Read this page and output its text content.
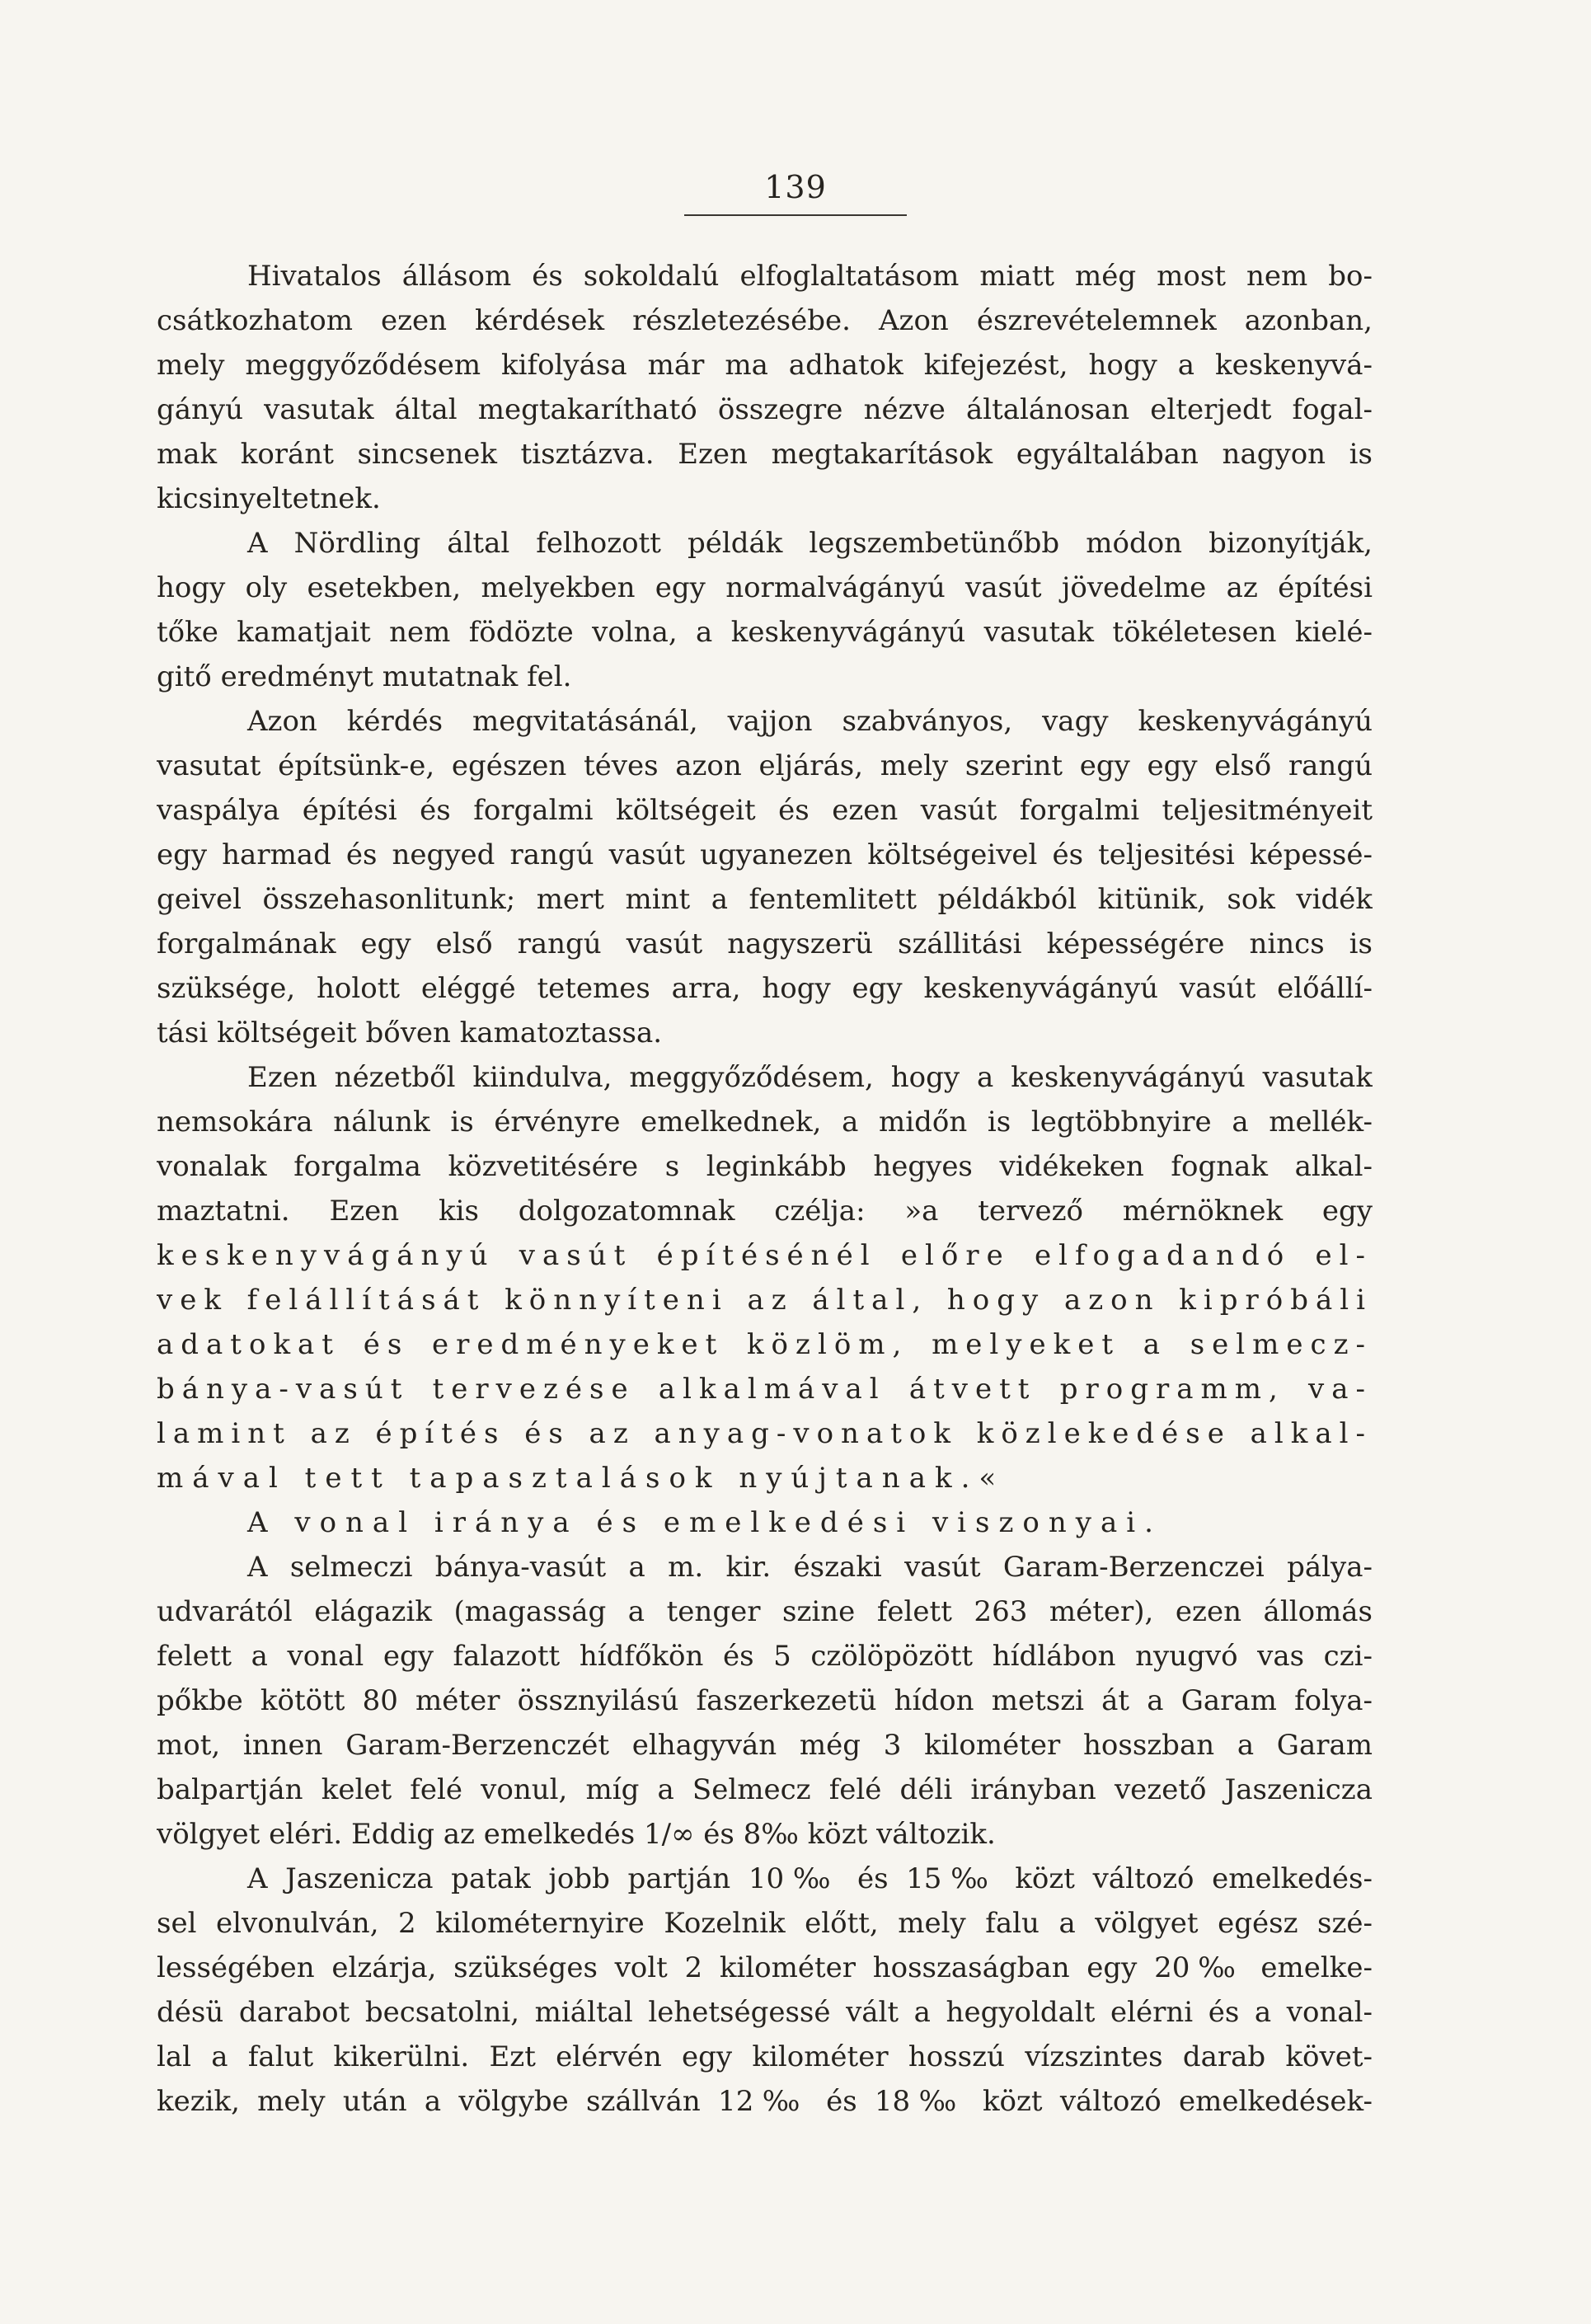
139
Hivatalos állásom és sokoldalú elfoglaltatásom miatt még most nem bo-
csátkozhatom ezen kérdések részletezésébe. Azon észrevételemnek azonban,
mely meggyőződésem kifolyása már ma adhatok kifejezést, hogy a keskenyvá-
gányú vasutak által megtakarítható összegre nézve általánosan elterjedt fogal-
mak koránt sincsenek tisztázva. Ezen megtakarítások egyáltalában nagyon is
kicsinyeltetnek.
A Nördling által felhozott példák legszembetünőbb módon bizonyítják,
hogy oly esetekben, melyekben egy normalvágányú vasút jövedelme az építési
tőke kamatjait nem födözte volna, a keskenyvágányú vasutak tökéletesen kielé-
gitő eredményt mutatnak fel.
Azon kérdés megvitatásánál, vajjon szabványos, vagy keskenyvágányú
vasutat építsünk-e, egészen téves azon eljárás, mely szerint egy egy első rangú
vaspálya építési és forgalmi költségeit és ezen vasút forgalmi teljesitményeit
egy harmad és negyed rangú vasút ugyanezen költségeivel és teljesitési képessé-
geivel összehasonlitunk; mert mint a fentemlitett példákból kitünik, sok vidék
forgalmának egy első rangú vasút nagyszerü szállitási képességére nincs is
szüksége, holott eléggé tetemes arra, hogy egy keskenyvágányú vasút előállí-
tási költségeit bőven kamatoztassa.
Ezen nézetből kiindulva, meggyőződésem, hogy a keskenyvágányú vasutak
nemsokára nálunk is érvényre emelkednek, a midőn is legtöbbnyire a mellék-
vonalak forgalma közvetitésére s leginkább hegyes vidékeken fognak alkal-
maztatni. Ezen kis dolgozatomnak czélja: »a tervező mérnöknek egy
keskenyvágányú vasút építésénél előre elfogadandó el-
vek felállítását könnyíteni az által, hogy azon kipróbáli
adatokat és eredményeket közlöm, melyeket a selmecz-
bánya-vasút tervezése alkalmával átvett programm, va-
lamint az építés és az anyag-vonatok közlekedése alkal-
mával tett tapasztalások nyújtanak.«
A vonal iránya és emelkedési viszonyai.
A selmeczi bánya-vasút a m. kir. északi vasút Garam-Berzenczei pálya-
udvarától elágazik (magasság a tenger szine felett 263 méter), ezen állomás
felett a vonal egy falazott hídfőkön és 5 czölöpözött hídlábon nyugvó vas czi-
pőkbe kötött 80 méter össznyilású faszerkezetü hídon metszi át a Garam folya-
mot, innen Garam-Berzenczét elhagyván még 3 kilométer hosszban a Garam
balpartján kelet felé vonul, míg a Selmecz felé déli irányban vezető Jaszenicza
völgyet eléri. Eddig az emelkedés 1/∞ és 8‰ közt változik.
A Jaszenicza patak jobb partján 10‰ és 15‰ közt változó emelkedés-
sel elvonulván, 2 kilométernyire Kozelnik előtt, mely falu a völgyet egész szé-
lességében elzárja, szükséges volt 2 kilométer hosszaságban egy 20‰ emelke-
désü darabot becsatolni, miáltal lehetségessé vált a hegyoldalt elérni és a vonal-
lal a falut kikerülni. Ezt elérvén egy kilométer hosszú vízszintes darab követ-
kezik, mely után a völgybe szállván 12‰ és 18‰ közt változó emelkedések-
